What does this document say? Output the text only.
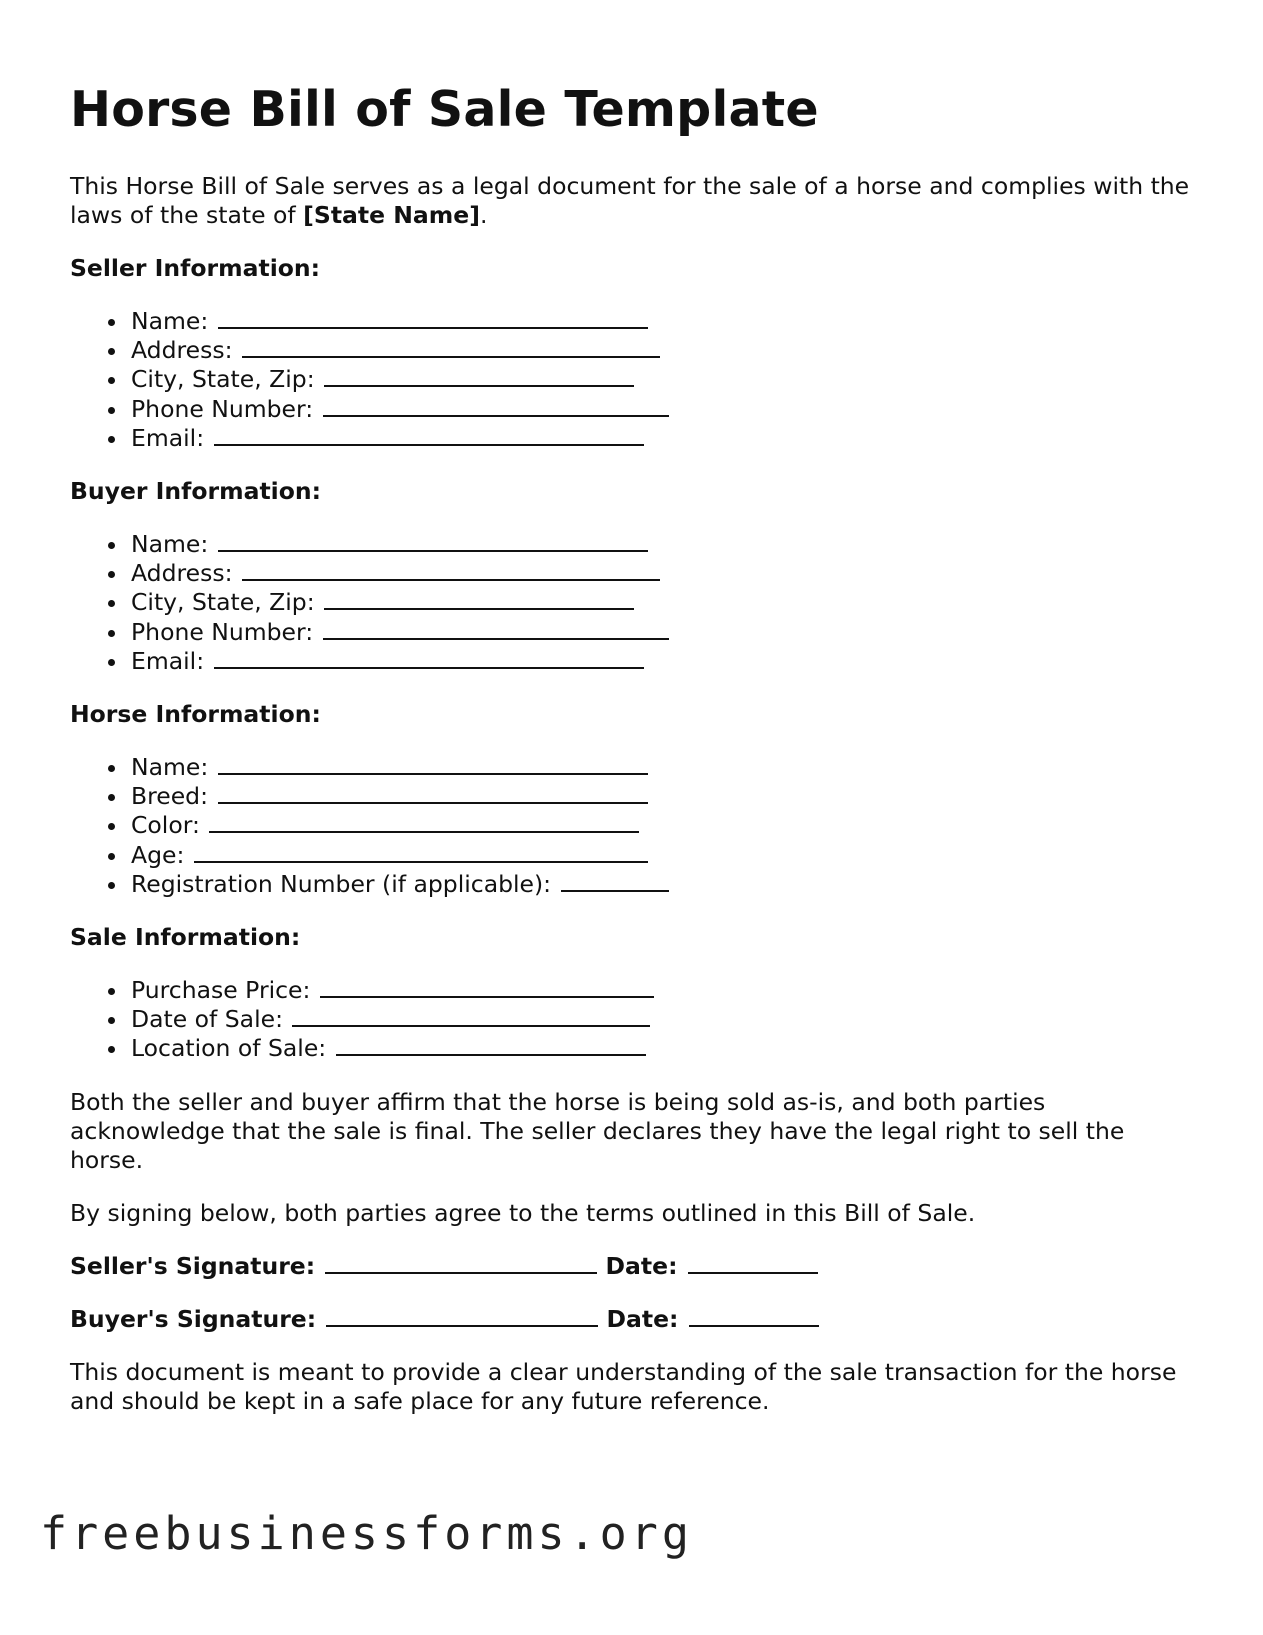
Horse Bill of Sale Template

This Horse Bill of Sale serves as a legal document for the sale of a horse and complies with the laws of the state of [State Name].

Seller Information:
Name:
Address:
City, State, Zip:
Phone Number:
Email:
Buyer Information:
Name:
Address:
City, State, Zip:
Phone Number:
Email:
Horse Information:
Name:
Breed:
Color:
Age:
Registration Number (if applicable):
Sale Information:
Purchase Price:
Date of Sale:
Location of Sale:

Both the seller and buyer affirm that the horse is being sold as-is, and both parties acknowledge that the sale is final. The seller declares they have the legal right to sell the horse.

By signing below, both parties agree to the terms outlined in this Bill of Sale.

Seller's Signature:	Date:
Buyer's Signature:	Date:

This document is meant to provide a clear understanding of the sale transaction for the horse and should be kept in a safe place for any future reference.

freebusinessforms.org
